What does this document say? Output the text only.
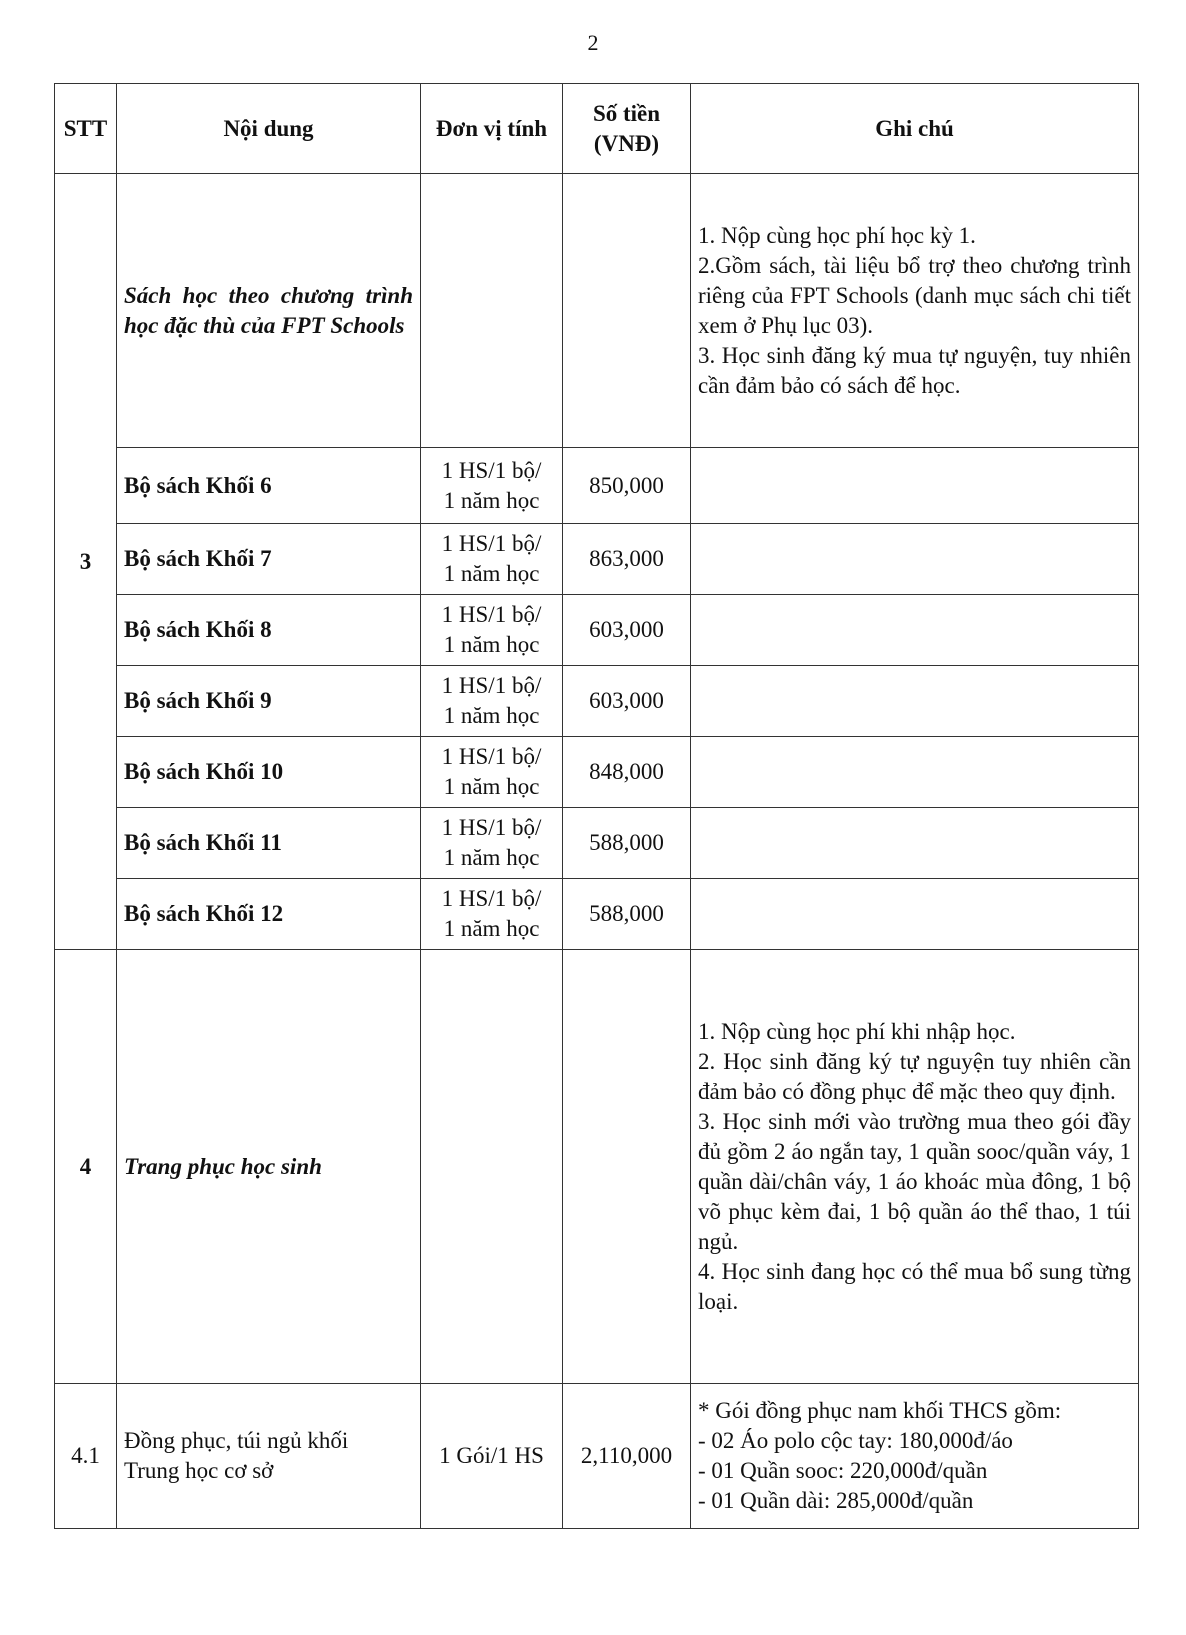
2
STT	Nội dung	Đơn vị tính	Số tiền
(VNĐ)	Ghi chú
3	Sách học theo chương trình học đặc thù của FPT Schools			1. Nộp cùng học phí học kỳ 1.
2.Gồm sách, tài liệu bổ trợ theo chương trình riêng của FPT Schools (danh mục sách chi tiết xem ở Phụ lục 03).
3. Học sinh đăng ký mua tự nguyện, tuy nhiên cần đảm bảo có sách để học.

	Bộ sách Khối 6	1 HS/1 bộ/
1 năm học	850,000	
	Bộ sách Khối 7	1 HS/1 bộ/
1 năm học	863,000	
	Bộ sách Khối 8	1 HS/1 bộ/
1 năm học	603,000	
	Bộ sách Khối 9	1 HS/1 bộ/
1 năm học	603,000	
	Bộ sách Khối 10	1 HS/1 bộ/
1 năm học	848,000	
	Bộ sách Khối 11	1 HS/1 bộ/
1 năm học	588,000	
	Bộ sách Khối 12	1 HS/1 bộ/
1 năm học	588,000	
4	Trang phục học sinh			1. Nộp cùng học phí khi nhập học.
2. Học sinh đăng ký tự nguyện tuy nhiên cần đảm bảo có đồng phục để mặc theo quy định.
3. Học sinh mới vào trường mua theo gói đầy đủ gồm 2 áo ngắn tay, 1 quần sooc/quần váy, 1 quần dài/chân váy, 1 áo khoác mùa đông, 1 bộ võ phục kèm đai, 1 bộ quần áo thể thao, 1 túi ngủ.
4. Học sinh đang học có thể mua bổ sung từng loại.

4.1	Đồng phục, túi ngủ khối
Trung học cơ sở	1 Gói/1 HS	2,110,000	* Gói đồng phục nam khối THCS gồm:
- 02 Áo polo cộc tay: 180,000đ/áo
- 01 Quần sooc: 220,000đ/quần
- 01 Quần dài: 285,000đ/quần
